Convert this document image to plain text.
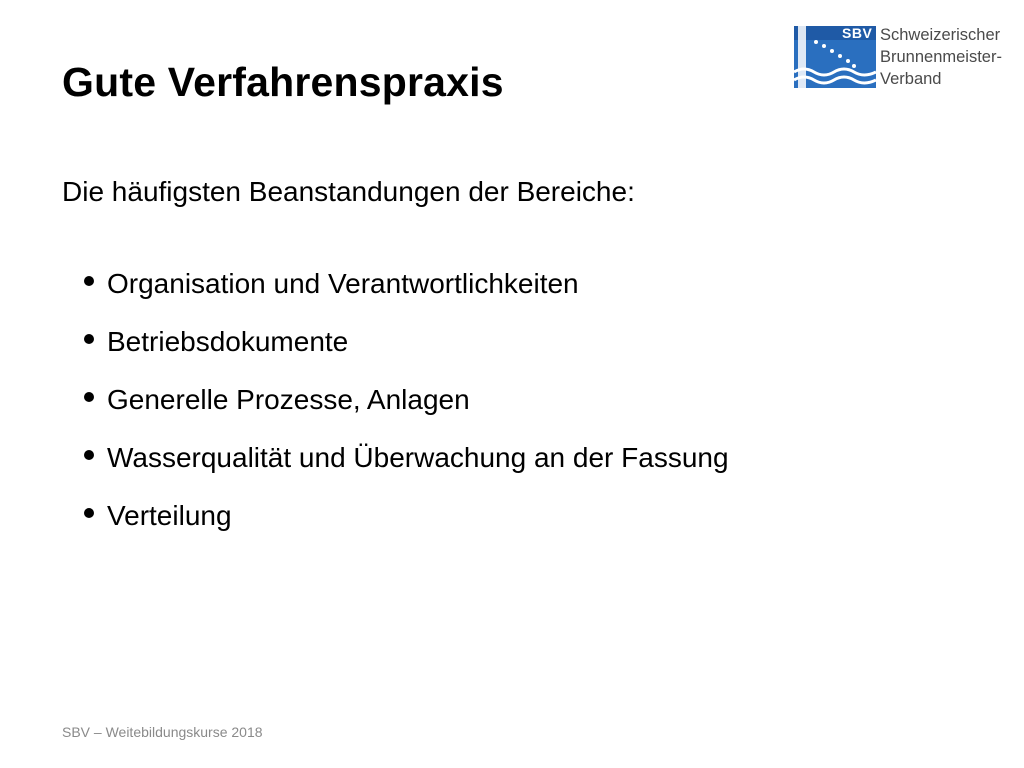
SBV Schweizerischer
Brunnenmeister-
Verband
Gute Verfahrenspraxis
Die häufigsten Beanstandungen der Bereiche:
Organisation und Verantwortlichkeiten
Betriebsdokumente
Generelle Prozesse, Anlagen
Wasserqualität und Überwachung an der Fassung
Verteilung
SBV – Weitebildungskurse 2018
